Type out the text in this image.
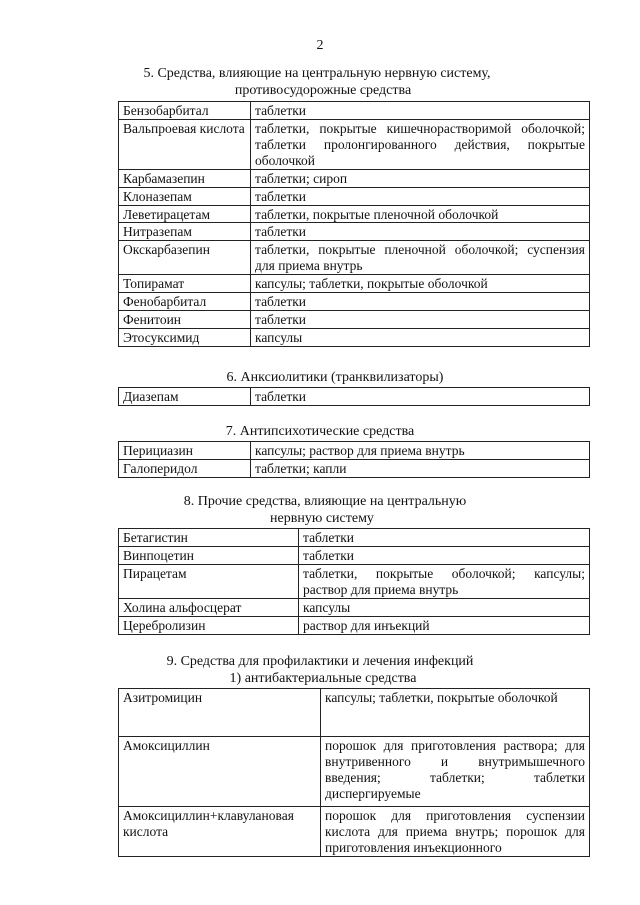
2
5. Средства, влияющие на центральную нервную систему,
противосудорожные средства
Бензобарбитал	таблетки
Вальпроевая кислота	таблетки, покрытые кишечнорастворимой оболочкой; таблетки пролонгированного действия, покрытые оболочкой
Карбамазепин	таблетки; сироп
Клоназепам	таблетки
Леветирацетам	таблетки, покрытые пленочной оболочкой
Нитразепам	таблетки
Окскарбазепин	таблетки, покрытые пленочной оболочкой; суспензия для приема внутрь
Топирамат	капсулы; таблетки, покрытые оболочкой
Фенобарбитал	таблетки
Фенитоин	таблетки
Этосуксимид	капсулы
6. Анксиолитики (транквилизаторы)
Диазепам	таблетки
7. Антипсихотические средства
Перициазин	капсулы; раствор для приема внутрь
Галоперидол	таблетки; капли
8. Прочие средства, влияющие на центральную
нервную систему
Бетагистин	таблетки
Винпоцетин	таблетки
Пирацетам	таблетки, покрытые оболочкой; капсулы; раствор для приема внутрь
Холина альфосцерат	капсулы
Церебролизин	раствор для инъекций
9. Средства для профилактики и лечения инфекций
1) антибактериальные средства
Азитромицин	капсулы; таблетки, покрытые оболочкой
Амоксициллин	порошок для приготовления раствора; для внутривенного и внутримышечного введения; таблетки; таблетки диспергируемые
Амоксициллин+клавулановая кислота	порошок для приготовления суспензии кислота для приема внутрь; порошок для приготовления инъекционного
